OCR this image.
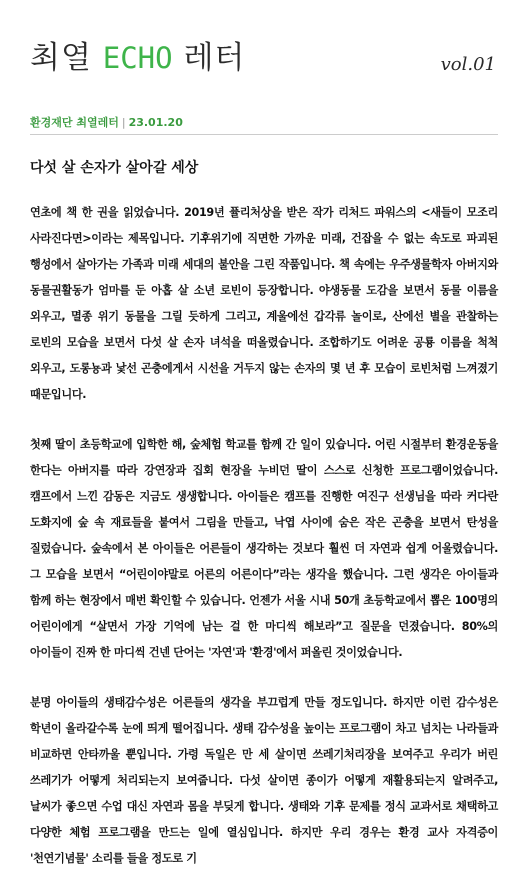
최열 ECHO 레터	vol.01
환경재단 최열레터 | 23.01.20
다섯 살 손자가 살아갈 세상

연초에 책 한 권을 읽었습니다. 2019년 퓰리처상을 받은 작가 리처드 파워스의 <새들이 모조리 사라진다면>이라는 제목입니다. 기후위기에 직면한 가까운 미래, 건잡을 수 없는 속도로 파괴된 행성에서 살아가는 가족과 미래 세대의 불안을 그린 작품입니다. 책 속에는 우주생물학자 아버지와 동물권활동가 엄마를 둔 아홉 살 소년 로빈이 등장합니다. 야생동물 도감을 보면서 동물 이름을 외우고, 멸종 위기 동물을 그릴 듯하게 그리고, 계울에선 갑각류 놀이로, 산에선 별을 관찰하는 로빈의 모습을 보면서 다섯 살 손자 녀석을 떠올렸습니다. 조합하기도 어려운 공룡 이름을 척척 외우고, 도롱뇽과 낯선 곤충에게서 시선을 거두지 않는 손자의 몇 년 후 모습이 로빈처럼 느껴졌기 때문입니다.

첫째 딸이 초등학교에 입학한 해, 숲체험 학교를 함께 간 일이 있습니다. 어린 시절부터 환경운동을 한다는 아버지를 따라 강연장과 집회 현장을 누비던 딸이 스스로 신청한 프로그램이었습니다. 캠프에서 느낀 감동은 지금도 생생합니다. 아이들은 캠프를 진행한 여진구 선생님을 따라 커다란 도화지에 숲 속 재료들을 붙여서 그림을 만들고, 낙엽 사이에 숨은 작은 곤충을 보면서 탄성을 질렀습니다. 숲속에서 본 아이들은 어른들이 생각하는 것보다 훨씬 더 자연과 쉽게 어울렸습니다. 그 모습을 보면서 “어린이야말로 어른의 어른이다”라는 생각을 했습니다. 그런 생각은 아이들과 함께 하는 현장에서 매번 확인할 수 있습니다. 언젠가 서울 시내 50개 초등학교에서 뽑은 100명의 어린이에게 “살면서 가장 기억에 남는 걸 한 마디씩 해보라”고 질문을 던졌습니다. 80%의 아이들이 진짜 한 마디씩 건넨 단어는 '자연'과 '환경'에서 퍼올린 것이었습니다.

분명 아이들의 생태감수성은 어른들의 생각을 부끄럽게 만들 정도입니다. 하지만 이런 감수성은 학년이 올라갈수록 눈에 띄게 떨어집니다. 생태 감수성을 높이는 프로그램이 차고 넘치는 나라들과 비교하면 안타까울 뿐입니다. 가령 독일은 만 세 살이면 쓰레기처리장을 보여주고 우리가 버린 쓰레기가 어떻게 처리되는지 보여줍니다. 다섯 살이면 종이가 어떻게 재활용되는지 알려주고, 날씨가 좋으면 수업 대신 자연과 몸을 부딪게 합니다. 생태와 기후 문제를 정식 교과서로 채택하고 다양한 체험 프로그램을 만드는 일에 열심입니다. 하지만 우리 경우는 환경 교사 자격증이 '천연기념물' 소리를 들을 정도로 기
